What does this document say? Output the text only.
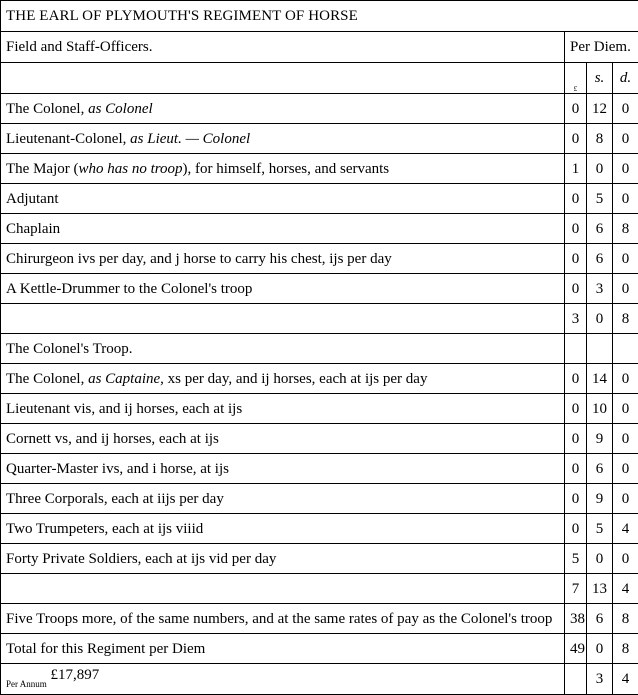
THE EARL OF PLYMOUTH'S REGIMENT OF HORSE			
Field and Staff-Officers.	Per Diem.		
	£	s.	d.
The Colonel, as Colonel	0	12	0
Lieutenant-Colonel, as Lieut. — Colonel	0	8	0
The Major (who has no troop), for himself, horses, and servants	1	0	0
Adjutant	0	5	0
Chaplain	0	6	8
Chirurgeon ivs per day, and j horse to carry his chest, ijs per day	0	6	0
A Kettle-Drummer to the Colonel's troop	0	3	0
	3	0	8
The Colonel's Troop.			
The Colonel, as Captaine, xs per day, and ij horses, each at ijs per day	0	14	0
Lieutenant vis, and ij horses, each at ijs	0	10	0
Cornett vs, and ij horses, each at ijs	0	9	0
Quarter-Master ivs, and i horse, at ijs	0	6	0
Three Corporals, each at iijs per day	0	9	0
Two Trumpeters, each at ijs viiid	0	5	4
Forty Private Soldiers, each at ijs vid per day	5	0	0
	7	13	4
Five Troops more, of the same numbers, and at the same rates of pay as the Colonel's troop	38	6	8
Total for this Regiment per Diem	49	0	8
$_{Per Annum}$ £17,897		3	4
